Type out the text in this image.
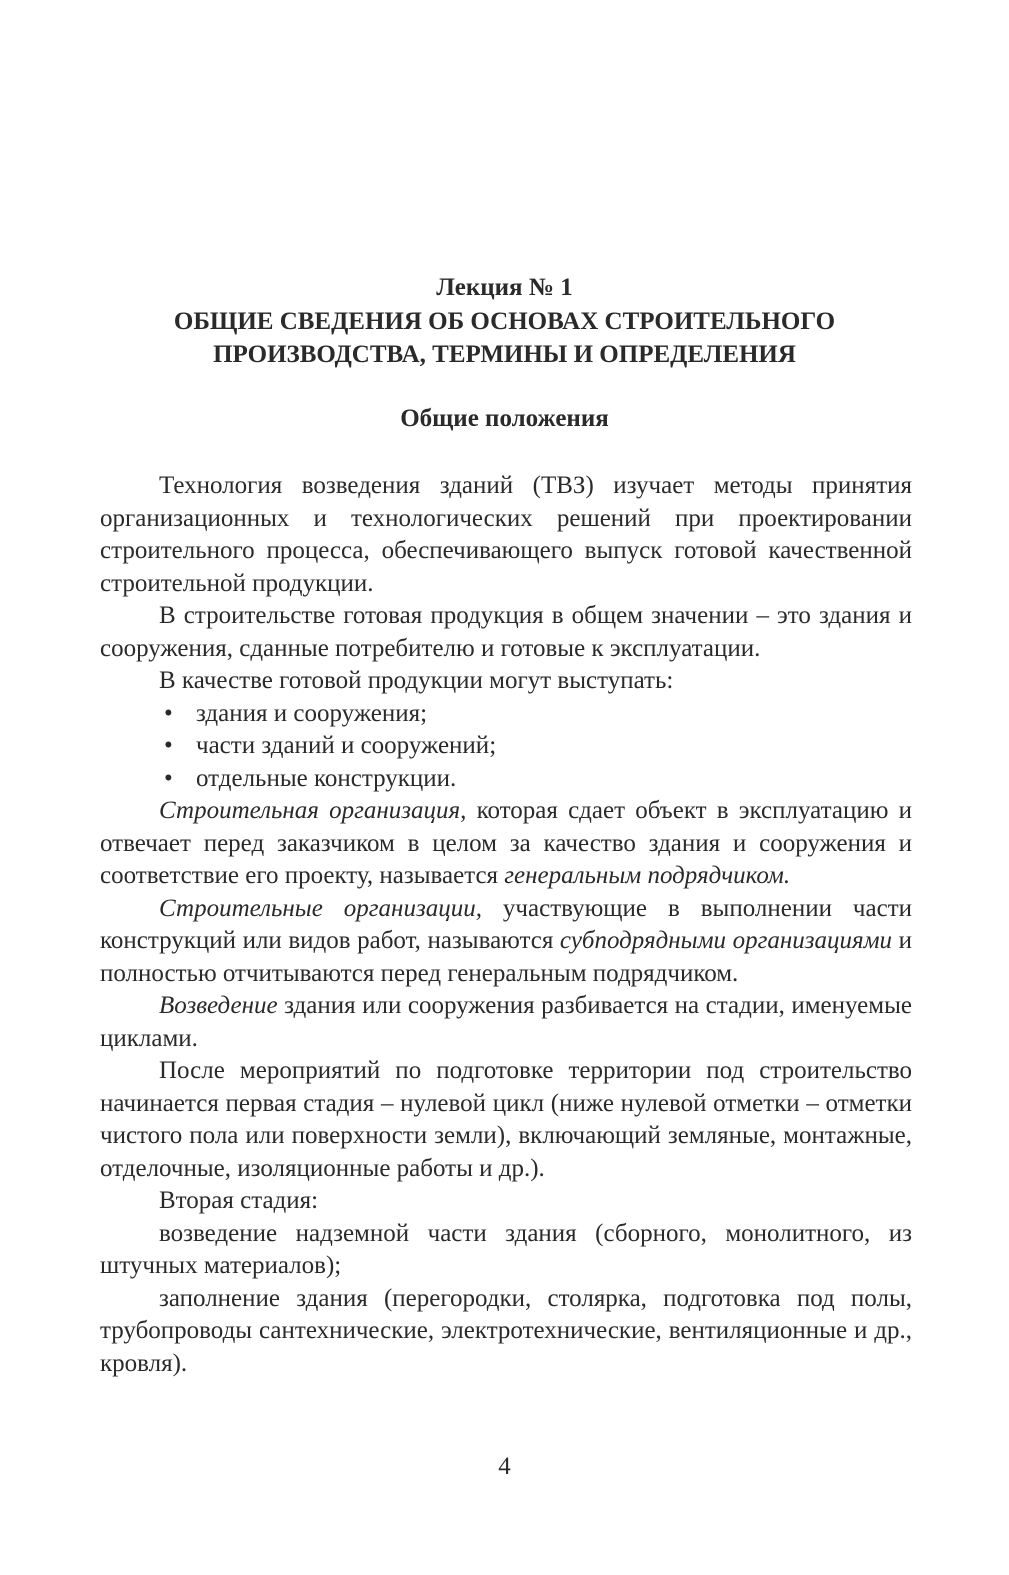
Лекция № 1
ОБЩИЕ СВЕДЕНИЯ ОБ ОСНОВАХ СТРОИТЕЛЬНОГО
ПРОИЗВОДСТВА, ТЕРМИНЫ И ОПРЕДЕЛЕНИЯ
Общие положения

Технология возведения зданий (ТВЗ) изучает методы принятия организационных и технологических решений при проектировании строительного процесса, обеспечивающего выпуск готовой качественной строительной продукции.

В строительстве готовая продукция в общем значении – это здания и сооружения, сданные потребителю и готовые к эксплуатации.

В качестве готовой продукции могут выступать:

• здания и сооружения;
• части зданий и сооружений;
• отдельные конструкции.

Строительная организация, которая сдает объект в эксплуатацию и отвечает перед заказчиком в целом за качество здания и сооружения и соответствие его проекту, называется генеральным подрядчиком.

Строительные организации, участвующие в выполнении части конструкций или видов работ, называются субподрядными организациями и полностью отчитываются перед генеральным подрядчиком.

Возведение здания или сооружения разбивается на стадии, именуемые циклами.

После мероприятий по подготовке территории под строительство начинается первая стадия – нулевой цикл (ниже нулевой отметки – отметки чистого пола или поверхности земли), включающий земляные, монтажные, отделочные, изоляционные работы и др.).

Вторая стадия:

возведение надземной части здания (сборного, монолитного, из штучных материалов);

заполнение здания (перегородки, столярка, подготовка под полы, трубопроводы сантехнические, электротехнические, вентиляционные и др., кровля).

4
